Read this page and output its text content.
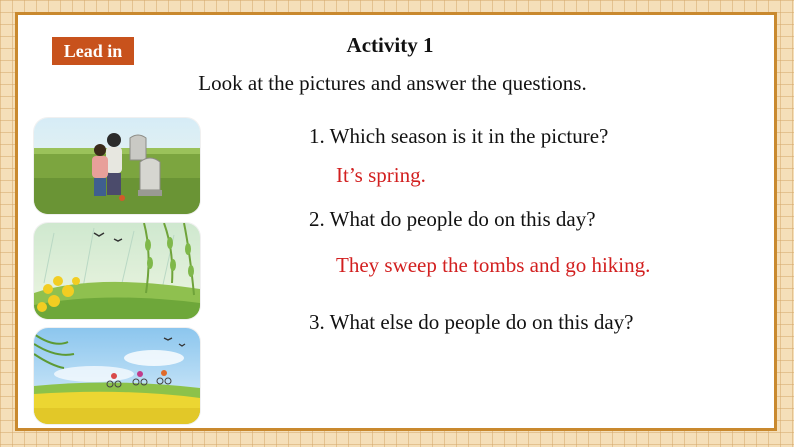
Lead in	Activity 1
Look at the pictures and answer the questions.
1. Which season is it in the picture?
It’s spring.
2. What do people do on this day?
They sweep the tombs and go hiking.
3. What else do people do on this day?
